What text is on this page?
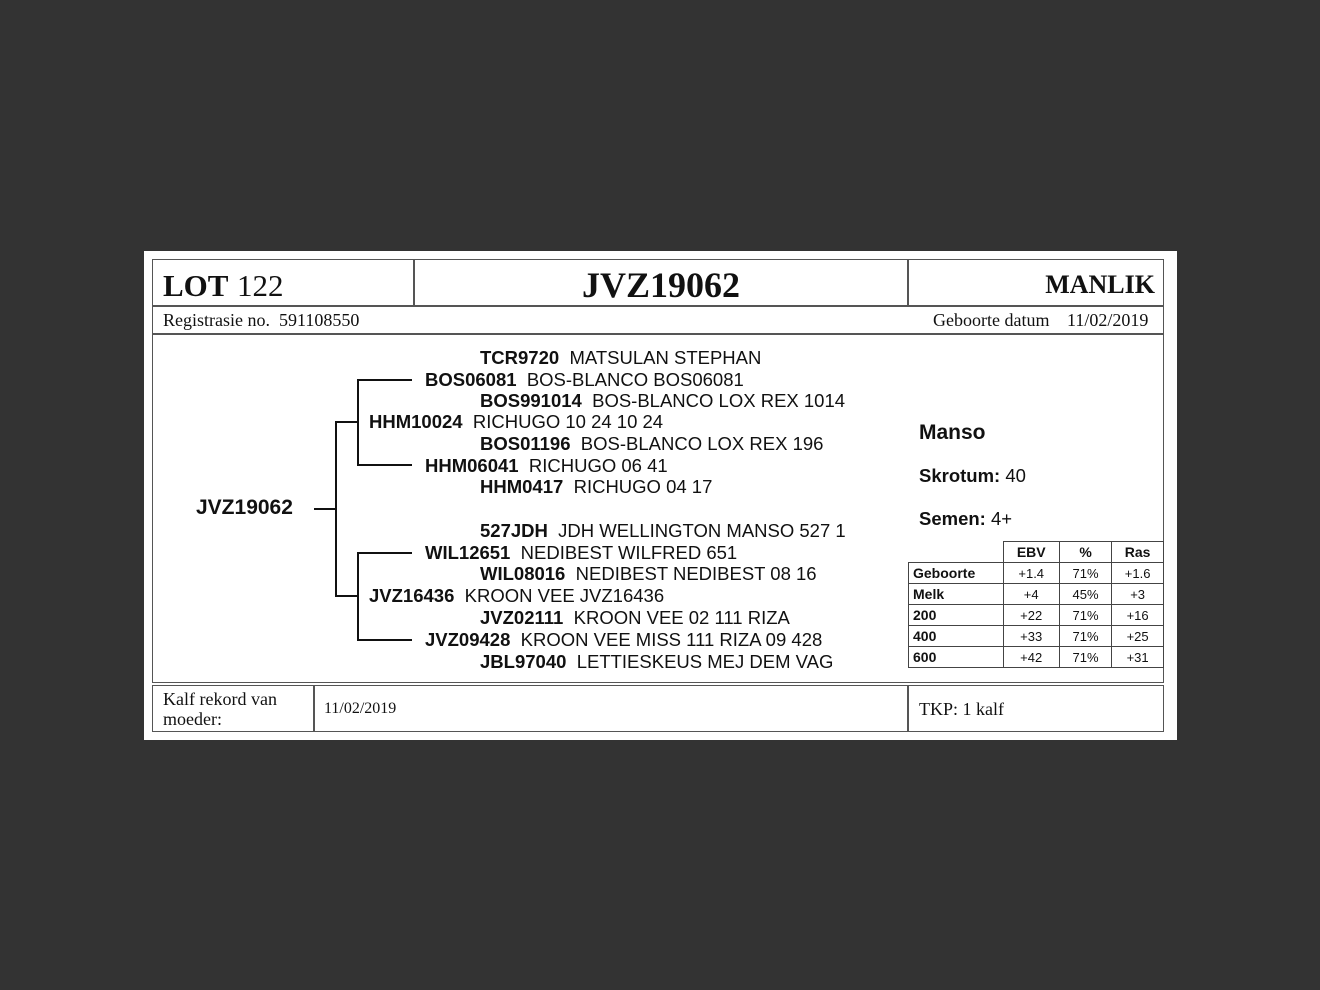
LOT 122	JVZ19062	MANLIK
Registrasie no. 591108550	Geboorte datum 11/02/2019
JVZ19062
TCR9720 MATSULAN STEPHAN
BOS06081 BOS-BLANCO BOS06081
BOS991014 BOS-BLANCO LOX REX 1014
HHM10024 RICHUGO 10 24 10 24
BOS01196  BOS-BLANCO LOX REX 196
HHM06041 RICHUGO 06 41
HHM0417 RICHUGO 04 17
527JDH JDH WELLINGTON MANSO 527 1
WIL12651 NEDIBEST WILFRED 651
WIL08016 NEDIBEST NEDIBEST 08 16
JVZ16436 KROON VEE JVZ16436
JVZ02111 KROON VEE 02 111 RIZA
JVZ09428 KROON VEE MISS 111 RIZA 09 428
JBL97040 LETTIESKEUS MEJ DEM VAG
Manso
Skrotum: 40
Semen: 4+
	EBV	%	Ras
Geboorte	+1.4	71%	+1.6
Melk	+4	45%	+3
200	+22	71%	+16
400	+33	71%	+25
600	+42	71%	+31
Kalf rekord van
moeder:
11/02/2019	TKP: 1 kalf
